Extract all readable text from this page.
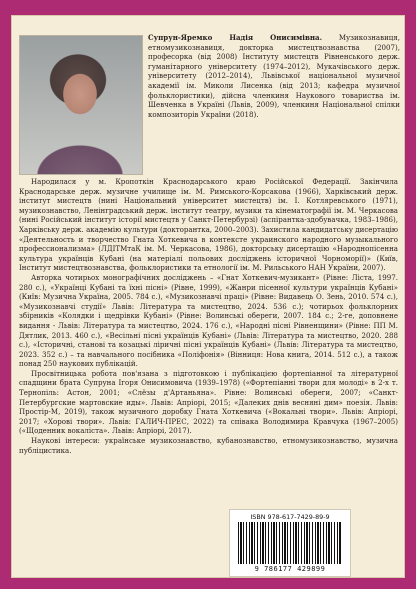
Супрун-Яремко Надія Онисимівна. Музикознавиця, етномузикознавиця, докторка мистецтвознавства (2007), професорка (від 2008) Інституту мистецтв Рівненського держ. гуманітарного університету (1974–2012), Мукачівського держ. університету (2012–2014), Львівської національної музичної академії ім. Миколи Лисенка (від 2013; кафедра музичної фольклористики), дійсна членкиня Наукового товариства ім. Шевченка в Україні (Львів, 2009), членкиня Національної спілки композиторів України (2018).

Народилася у м. Кропоткін Краснодарського краю Російської Федерації. Закінчила Краснодарське держ. музичне училище ім. М. Римського-Корсакова (1966), Харківський держ. інститут мистецтв (нині Національний університет мистецтв) ім. І. Котляревського (1971), музикознавство, Ленінградський держ. інститут театру, музики та кінематографії ім. М. Черкасова (нині Російський інститут історії мистецтв у Санкт-Петербурзі) (аспірантка-здобувачка, 1983–1986), Харківську держ. академію культури (докторантка, 2000–2003). Захистила кандидатську дисертацію «Деятельность и творчество Гната Хоткевича в контексте украинского народного музыкального профессионализма» (ЛДІТМтаК ім. М. Черкасова, 1986), докторську дисертацію «Народнопісенна культура українців Кубані (на матеріалі польових досліджень історичної Чорноморії)» (Київ, Інститут мистецтвознавства, фольклористики та етнології ім. М. Рильського НАН України, 2007).

Авторка чотирьох монографічних досліджень – «Гнат Хоткевич-музикант» (Рівне: Ліста, 1997. 280 с.), «Українці Кубані та їхні пісні» (Рівне, 1999), «Жанри пісенної культури українців Кубані» (Київ: Музична Україна, 2005. 784 с.), «Музикознавчі праці» (Рівне: Видавець О. Зень, 2010. 574 с.), «Музикознавчі студії» Львів: Література та мистецтво, 2024. 536 с.); чотирьох фольклорних збірників «Колядки і щедрівки Кубані» (Рівне: Волинські обереги, 2007. 184 с.; 2-ге, доповнене видання - Львів: Література та мистецтво, 2024. 176 с.), «Народні пісні Рівненщини» (Рівне: ПП М. Дятлик, 2013. 460 с.), «Весільні пісні українців Кубані» (Львів: Література та мистецтво, 2020. 288 с.), «Історичні, станові та козацькі ліричні пісні українців Кубані» (Львів: Література та мистецтво, 2023. 352 с.) – та навчального посібника «Поліфонія» (Вінниця: Нова книга, 2014. 512 с.), а також понад 250 наукових публікацій.

Просвітницька робота пов'язана з підготовкою і публікацією фортепіанної та літературної спадщини брата Супруна Ігоря Онисимовича (1939–1978) («Фортепіанні твори для молоді» в 2-х т. Тернопіль: Астон, 2001; «Слёзы д'Артаньяна». Рівне: Волинські обереги, 2007; «Санкт-Петербургские мартовские иды». Львів: Апріорі, 2015; «Далеких днів весняні дим» поезія. Львів: Простір-М, 2019), також музичного доробку Гната Хоткевича («Вокальні твори». Львів: Апріорі, 2017; «Хорові твори». Львів: ГАЛИЧ-ПРЕС, 2022) та співака Володимира Кравчука (1967–2005) («Щоденник вокаліста». Львів: Апріорі, 2017).

Наукові інтереси: українське музикознавство, кубанознавство, етномузикознавство, музична публіцистика.

ISBN 978-617-7429-89-9
9 786177 429899
